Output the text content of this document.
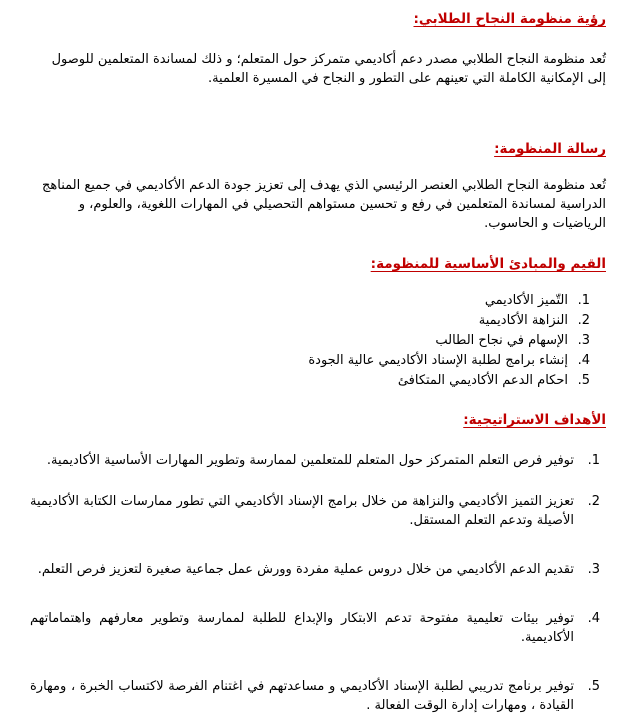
رؤية منظومة النجاح الطلابي:

تُعد منظومة النجاح الطلابي مصدر دعم أكاديمي متمركز حول المتعلم؛ و ذلك لمساندة المتعلمين للوصول إلى الإمكانية الكاملة التي تعينهم على التطور و النجاح في المسيرة العلمية.

رسالة المنظومة:

تُعد منظومة النجاح الطلابي العنصر الرئيسي الذي يهدف إلى تعزيز جودة الدعم الأكاديمي في جميع المناهج الدراسية لمساندة المتعلمين في رفع و تحسين مستواهم التحصيلي في المهارات اللغوية، والعلوم، و الرياضيات و الحاسوب.

القيم والمبادئ الأساسية للمنظومة:
1.
التّميز الأكاديمي
2.
النزاهة الأكاديمية
3.
الإسهام في نجاح الطالب
4.
إنشاء برامج لطلبة الإسناد الأكاديمي عالية الجودة
5.
احكام الدعم الأكاديمي المتكافئ
الأهداف الاستراتيجية:
1.
توفير فرص التعلم المتمركز حول المتعلم للمتعلمين لممارسة وتطوير المهارات الأساسية الأكاديمية.
2.
تعزيز التميز الأكاديمي والنزاهة من خلال برامج الإسناد الأكاديمي التي تطور ممارسات الكتابة الأكاديمية الأصيلة وتدعم التعلم المستقل.
3.
تقديم الدعم الأكاديمي من خلال دروس عملية مفردة وورش عمل جماعية صغيرة لتعزيز فرص التعلم.
4.
توفير بيئات تعليمية مفتوحة تدعم الابتكار والإبداع للطلبة لممارسة وتطوير معارفهم واهتماماتهم الأكاديمية.
5.
توفير برنامج تدريبي لطلبة الإسناد الأكاديمي و مساعدتهم في اغتنام الفرصة لاكتساب الخبرة ، ومهارة القيادة ، ومهارات إدارة الوقت الفعالة .
